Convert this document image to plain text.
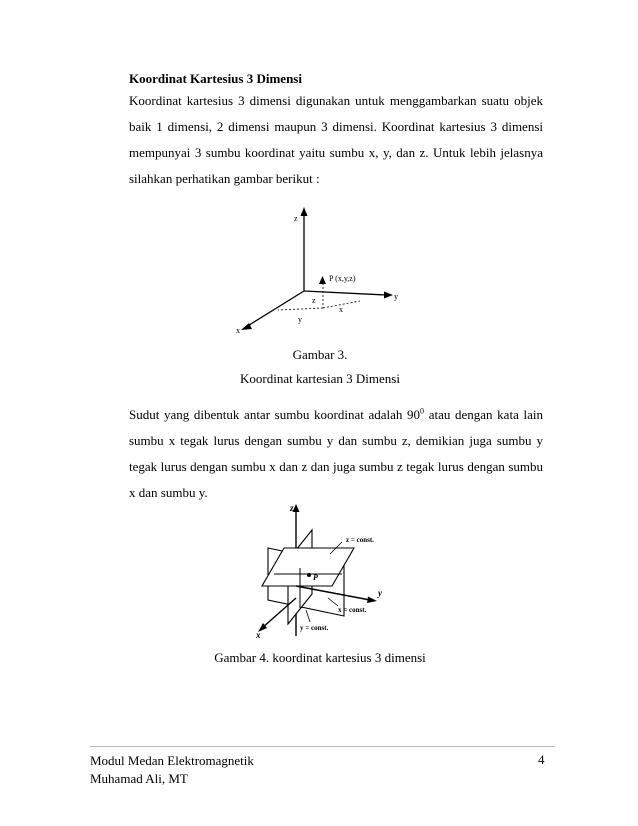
Koordinat Kartesius 3 Dimensi
Koordinat kartesius 3 dimensi digunakan untuk menggambarkan suatu objek baik 1 dimensi, 2 dimensi maupun 3 dimensi. Koordinat kartesius 3 dimensi mempunyai 3 sumbu koordinat yaitu sumbu x, y, dan z. Untuk lebih jelasnya silahkan perhatikan gambar berikut :
z
y
x
P (x,y,z)
z
x
y
Gambar 3.
Koordinat kartesian 3 Dimensi
Sudut yang dibentuk antar sumbu koordinat adalah $90^0$ atau dengan kata lain sumbu x tegak lurus dengan sumbu y dan sumbu z, demikian juga sumbu y tegak lurus dengan sumbu x dan z dan juga sumbu z tegak lurus dengan sumbu x dan sumbu y.
z
z = const.
P
y
x = const.
y = const.
x
Gambar 4. koordinat kartesius 3 dimensi
Modul Medan Elektromagnetik
Muhamad Ali, MT
4
